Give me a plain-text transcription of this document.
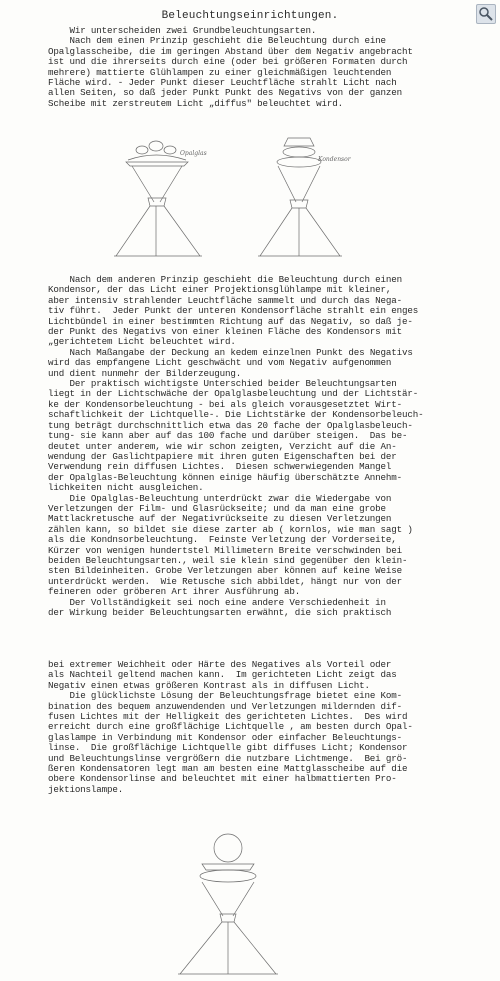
Beleuchtungseinrichtungen.

Wir unterscheiden zwei Grundbeleuchtungsarten.
Nach dem einen Prinzip geschieht die Beleuchtung durch eine
Opalglasscheibe, die im geringen Abstand über dem Negativ angebracht
ist und die ihrerseits durch eine (oder bei größeren Formaten durch
mehrere) mattierte Glühlampen zu einer gleichmäßigen leuchtenden
Fläche wird. - Jeder Punkt dieser Leuchtfläche strahlt Licht nach
allen Seiten, so daß jeder Punkt Punkt des Negativs von der ganzen
Scheibe mit zerstreutem Licht „diffus" beleuchtet wird.

Opalglas
Kondensor

Nach dem anderen Prinzip geschieht die Beleuchtung durch einen
Kondensor, der das Licht einer Projektionsglühlampe mit kleiner,
aber intensiv strahlender Leuchtfläche sammelt und durch das Nega-
tiv führt.  Jeder Punkt der unteren Kondensorfläche strahlt ein enges
Lichtbündel in einer bestimmten Richtung auf das Negativ, so daß je-
der Punkt des Negativs von einer kleinen Fläche des Kondensors mit
„gerichtetem Licht beleuchtet wird.
Nach Maßangabe der Deckung an kedem einzelnen Punkt des Negativs
wird das empfangene Licht geschwächt und vom Negativ aufgenommen
und dient nunmehr der Bilderzeugung.
Der praktisch wichtigste Unterschied beider Beleuchtungsarten
liegt in der Lichtschwäche der Opalglasbeleuchtung und der Lichtstär-
ke der Kondensorbeleuchtung - bei als gleich vorausgesetztet Wirt-
schaftlichkeit der Lichtquelle-. Die Lichtstärke der Kondensorbeleuch-
tung beträgt durchschnittlich etwa das 20 fache der Opalglasbeleuch-
tung- sie kann aber auf das 100 fache und darüber steigen.  Das be-
deutet unter anderem, wie wir schon zeigten, Verzicht auf die An-
wendung der Gaslichtpapiere mit ihren guten Eigenschaften bei der
Verwendung rein diffusen Lichtes.  Diesen schwerwiegenden Mangel
der Opalglas-Beleuchtung können einige häufig überschätzte Annehm-
lichkeiten nicht ausgleichen.
Die Opalglas-Beleuchtung unterdrückt zwar die Wiedergabe von
Verletzungen der Film- und Glasrückseite; und da man eine grobe
Mattlackretusche auf der Negativrückseite zu diesen Verletzungen
zählen kann, so bildet sie diese zarter ab ( kornlos, wie man sagt )
als die Kondnsorbeleuchtung.  Feinste Verletzung der Vorderseite,
Kürzer von wenigen hundertstel Millimetern Breite verschwinden bei
beiden Beleuchtungsarten., weil sie klein sind gegenüber den klein-
sten Bildeinheiten. Grobe Verletzungen aber können auf keine Weise
unterdrückt werden.  Wie Retusche sich abbildet, hängt nur von der
feineren oder gröberen Art ihrer Ausführung ab.
Der Vollständigkeit sei noch eine andere Verschiedenheit in
der Wirkung beider Beleuchtungsarten erwähnt, die sich praktisch

bei extremer Weichheit oder Härte des Negatives als Vorteil oder
als Nachteil geltend machen kann.  Im gerichteten Licht zeigt das
Negativ einen etwas größeren Kontrast als in diffusen Licht.
Die glücklichste Lösung der Beleuchtungsfrage bietet eine Kom-
bination des bequem anzuwendenden und Verletzungen mildernden dif-
fusen Lichtes mit der Helligkeit des gerichteten Lichtes.  Des wird
erreicht durch eine großflächige Lichtquelle , am besten durch Opal-
glaslampe in Verbindung mit Kondensor oder einfacher Beleuchtungs-
linse.  Die großflächige Lichtquelle gibt diffuses Licht; Kondensor
und Beleuchtungslinse vergrößern die nutzbare Lichtmenge.  Bei grö-
ßeren Kondensatoren legt man am besten eine Mattglasscheibe auf die
obere Kondensorlinse and beleuchtet mit einer halbmattierten Pro-
jektionslampe.
